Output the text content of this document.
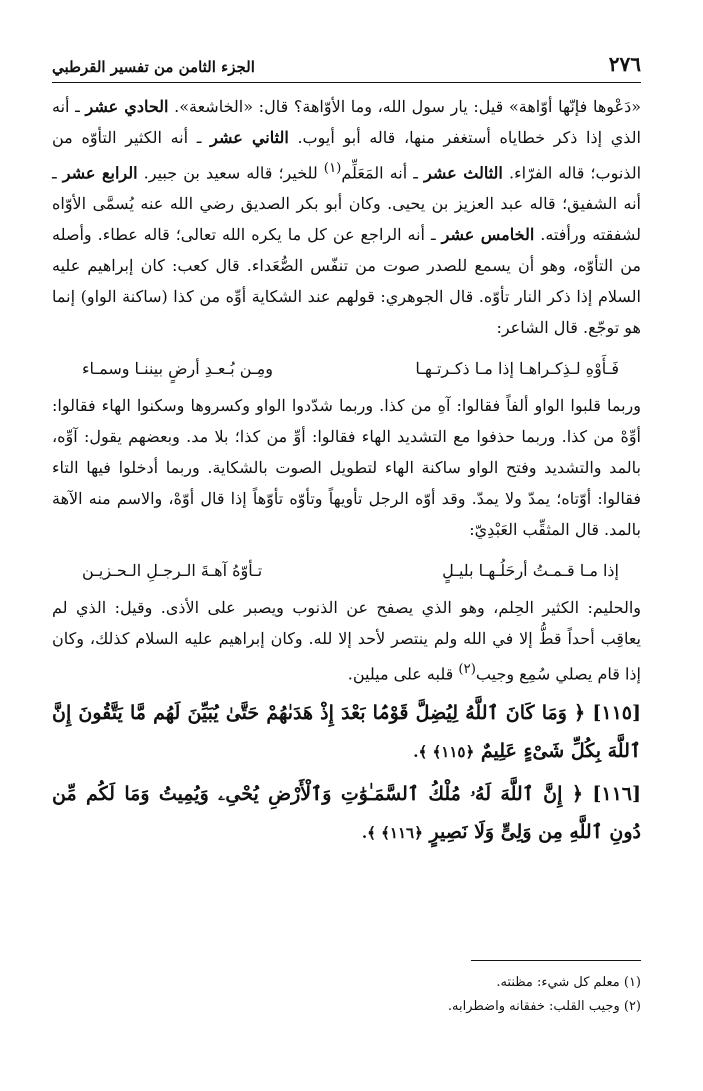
٢٧٦
الجزء الثامن من تفسير القرطبي

«دَعْوها فإنّها أوّاهة» قيل: يار سول الله، وما الأوّاهة؟ قال: «الخاشعة». الحادي عشر ـ أنه الذي إذا ذكر خطاياه أستغفر منها، قاله أبو أيوب. الثاني عشر ـ أنه الكثير التأوّه من الذنوب؛ قاله الفرّاء. الثالث عشر ـ أنه المَعَلِّم$^{(١)}$ للخير؛ قاله سعيد بن جبير. الرابع عشر ـ أنه الشفيق؛ قاله عبد العزيز بن يحيى. وكان أبو بكر الصديق رضي الله عنه يُسمَّى الأوّاه لشفقته ورأفته. الخامس عشر ـ أنه الراجع عن كل ما يكره الله تعالى؛ قاله عطاء. وأصله من التأوّه، وهو أن يسمع للصدر صوت من تنفّس الصُّعَداء. قال كعب: كان إبراهيم عليه السلام إذا ذكر النار تأوّه. قال الجوهري: قولهم عند الشكاية أوِّه من كذا (ساكنة الواو) إنما هو توجّع. قال الشاعر:

فَـأَوْهِ لـذِكـراهـا إذا مـا ذكـرتـهـا
ومِـن بُـعـدِ أرضٍ بيننـا وسمـاء

وربما قلبوا الواو ألفاً فقالوا: آهِ من كذا. وربما شدّدوا الواو وكسروها وسكنوا الهاء فقالوا: أوِّهْ من كذا. وربما حذفوا مع التشديد الهاء فقالوا: أوِّ من كذا؛ بلا مد. وبعضهم يقول: آوِّه، بالمد والتشديد وفتح الواو ساكنة الهاء لتطويل الصوت بالشكاية. وربما أدخلوا فيها التاء فقالوا: أوّتاه؛ يمدّ ولا يمدّ. وقد أوّه الرجل تأويهاً وتأوّه تأوّهاً إذا قال أوّهْ، والاسم منه الآهة بالمد. قال المثقِّب العَبْدِيّ:

إذا مـا قـمـتُ أرحَلُـهـا بليـلٍ
تـأوّهُ آهـةَ الـرجـلِ الـحـزيـن

والحليم: الكثير الحِلم، وهو الذي يصفح عن الذنوب ويصبر على الأذى. وقيل: الذي لم يعاقِب أحداً قطُّ إلا في الله ولم ينتصر لأحد إلا لله. وكان إبراهيم عليه السلام كذلك، وكان إذا قام يصلي سُمِع وجيب$^{(٢)}$ قلبه على ميلين.

[١١٥] ﴿ وَمَا كَانَ ٱللَّهُ لِيُضِلَّ قَوْمَۢا بَعْدَ إِذْ هَدَىٰهُمْ حَتَّىٰ يُبَيِّنَ لَهُم مَّا يَتَّقُونَ إِنَّ ٱللَّهَ بِكُلِّ شَىْءٍ عَلِيمٌ ﴿١١٥﴾ ﴾.

[١١٦] ﴿ إِنَّ ٱللَّهَ لَهُۥ مُلْكُ ٱلسَّمَـٰوَٰتِ وَٱلْأَرْضِ يُحْىِۦ وَيُمِيتُ وَمَا لَكُم مِّن دُونِ ٱللَّهِ مِن وَلِىٍّ وَلَا نَصِيرٍ ﴿١١٦﴾ ﴾.

(١) معلم كل شيء: مظنته.

(٢) وجيب القلب: خفقانه واضطرابه.
